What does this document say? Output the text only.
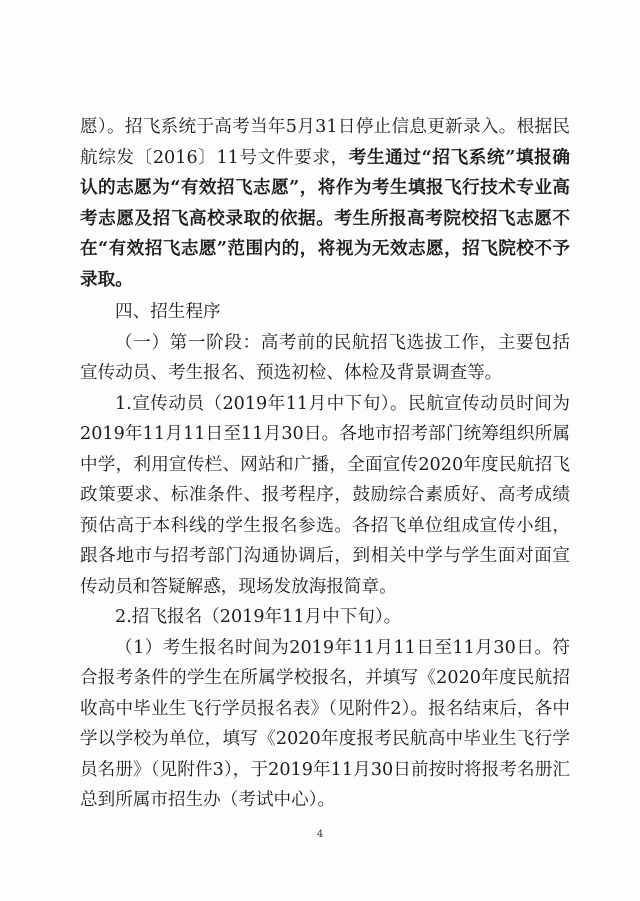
愿）。招飞系统于高考当年5月31日停止信息更新录入。根据民航综发〔2016〕11号文件要求，考生通过“招飞系统”填报确认的志愿为“有效招飞志愿”，将作为考生填报飞行技术专业高考志愿及招飞高校录取的依据。考生所报高考院校招飞志愿不在“有效招飞志愿”范围内的，将视为无效志愿，招飞院校不予录取。

四、招生程序

（一）第一阶段：高考前的民航招飞选拔工作，主要包括宣传动员、考生报名、预选初检、体检及背景调查等。

1.宣传动员（2019年11月中下旬）。民航宣传动员时间为2019年11月11日至11月30日。各地市招考部门统筹组织所属中学，利用宣传栏、网站和广播，全面宣传2020年度民航招飞政策要求、标准条件、报考程序，鼓励综合素质好、高考成绩预估高于本科线的学生报名参选。各招飞单位组成宣传小组，跟各地市与招考部门沟通协调后，到相关中学与学生面对面宣传动员和答疑解惑，现场发放海报简章。

2.招飞报名（2019年11月中下旬）。

（1）考生报名时间为2019年11月11日至11月30日。符合报考条件的学生在所属学校报名，并填写《2020年度民航招收高中毕业生飞行学员报名表》（见附件2）。报名结束后，各中学以学校为单位，填写《2020年度报考民航高中毕业生飞行学员名册》（见附件3），于2019年11月30日前按时将报考名册汇总到所属市招生办（考试中心）。

4
